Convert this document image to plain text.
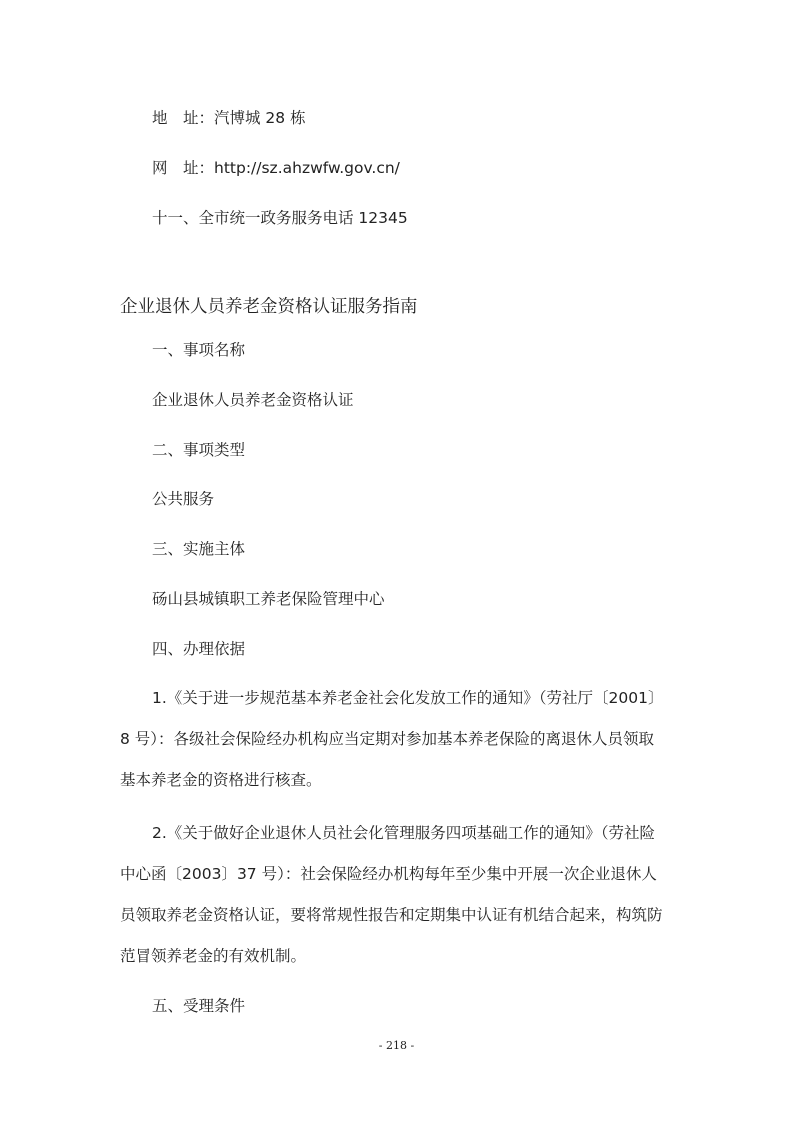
地　址：汽博城 28 栋
网　址：http://sz.ahzwfw.gov.cn/
十一、全市统一政务服务电话 12345
企业退休人员养老金资格认证服务指南
一、事项名称
企业退休人员养老金资格认证
二、事项类型
公共服务
三、实施主体
砀山县城镇职工养老保险管理中心
四、办理依据
1.《关于进一步规范基本养老金社会化发放工作的通知》（劳社厅〔2001〕
8 号）：各级社会保险经办机构应当定期对参加基本养老保险的离退休人员领取
基本养老金的资格进行核查。
2.《关于做好企业退休人员社会化管理服务四项基础工作的通知》（劳社险
中心函〔2003〕37 号）：社会保险经办机构每年至少集中开展一次企业退休人
员领取养老金资格认证，要将常规性报告和定期集中认证有机结合起来，构筑防
范冒领养老金的有效机制。
五、受理条件
- 218 -
